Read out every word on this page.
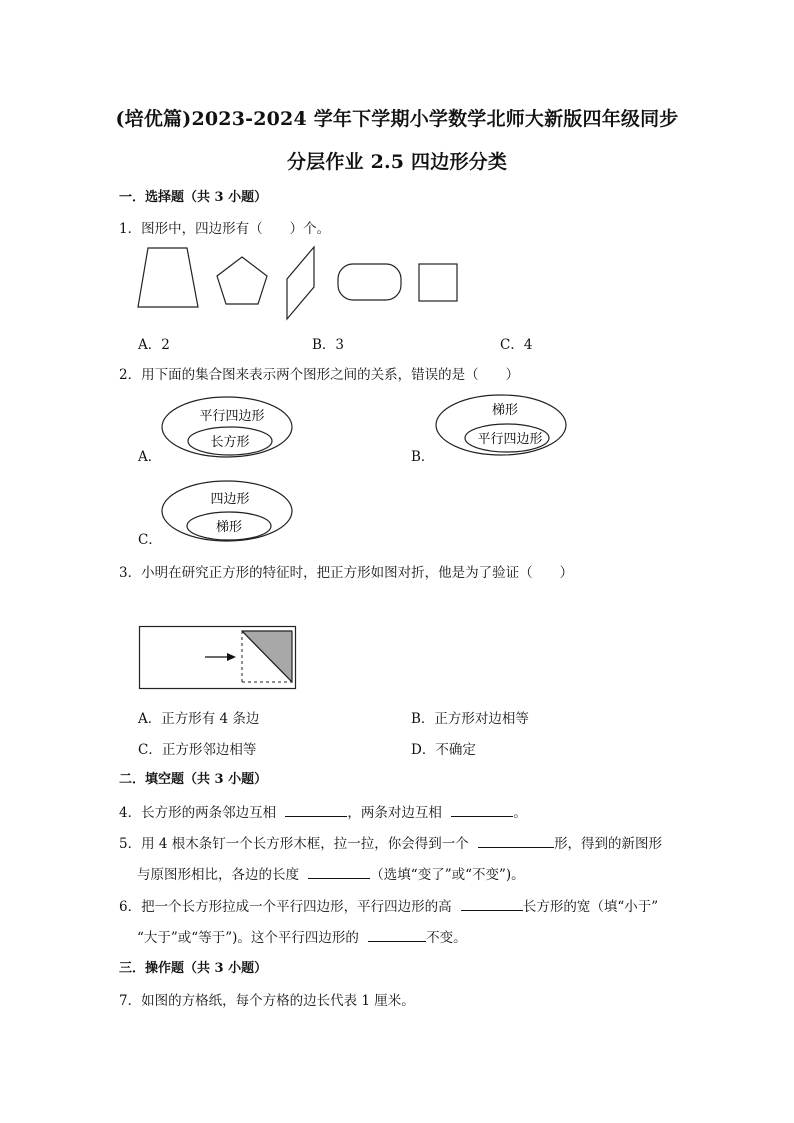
(培优篇)2023-2024 学年下学期小学数学北师大新版四年级同步
分层作业 2.5 四边形分类
一．选择题（共 3 小题）
1．图形中，四边形有（　　）个。
A．2	B．3	C．4
2．用下面的集合图来表示两个图形之间的关系，错误的是（　　）
A．
平行四边形
长方形
B．
梯形
平行四边形
C．
四边形
梯形
3．小明在研究正方形的特征时，把正方形如图对折，他是为了验证（　　）
A．正方形有 4 条边	B．正方形对边相等
C．正方形邻边相等	D．不确定
二．填空题（共 3 小题）
4．长方形的两条邻边互相	，两条对边互相	。
5．用 4 根木条钉一个长方形木框，拉一拉，你会得到一个	形，得到的新图形
与原图形相比，各边的长度	（选填“变了”或“不变”)。
6．把一个长方形拉成一个平行四边形，平行四边形的高	长方形的宽（填“小于”
“大于”或“等于”)。这个平行四边形的	不变。
三．操作题（共 3 小题）
7．如图的方格纸，每个方格的边长代表 1 厘米。
